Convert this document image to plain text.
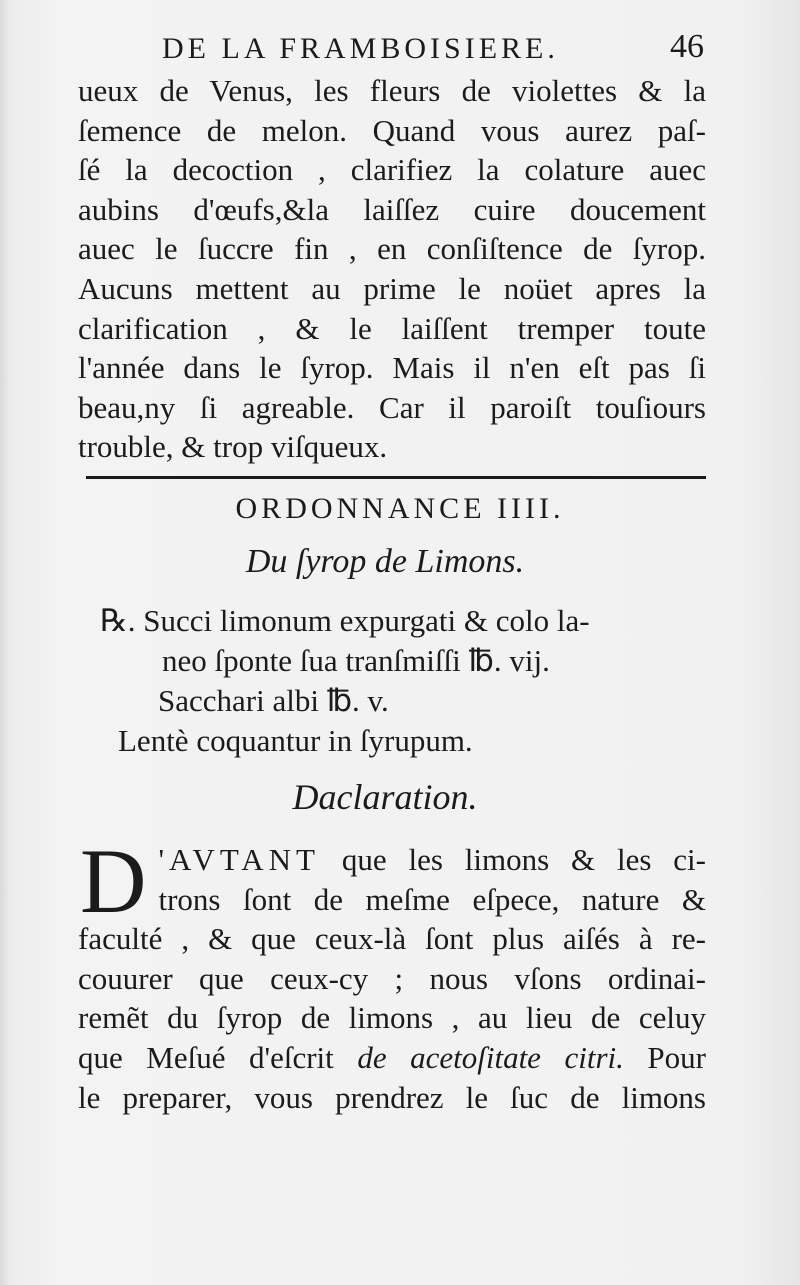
DE LA FRAMBOISIERE.	46
ueux de Venus, les fleurs de violettes & la
ſemence de melon. Quand vous aurez paſ-
ſé la decoction , clarifiez la colature auec
aubins d'œufs,&la laiſſez cuire doucement
auec le ſuccre fin , en conſiſtence de ſyrop.
Aucuns mettent au prime le noüet apres la
clarification , & le laiſſent tremper toute
l'année dans le ſyrop. Mais il n'en eſt pas ſi
beau,ny ſi agreable. Car il paroiſt touſiours
trouble, & trop viſqueux.
ORDONNANCE IIII.
Du ſyrop de Limons.
℞. Succi limonum expurgati & colo la-
neo ſponte ſua tranſmiſſi ℔. vij.
Sacchari albi ℔. v.
Lentè coquantur in ſyrupum.
Daclaration.
D 'AVTANT que les limons & les ci-
trons ſont de meſme eſpece, nature &
faculté , & que ceux-là ſont plus aiſés à re-
couurer que ceux-cy ; nous vſons ordinai-
remẽt du ſyrop de limons , au lieu de celuy
que Meſué d'eſcrit de acetoſitate citri. Pour
le preparer, vous prendrez le ſuc de limons
